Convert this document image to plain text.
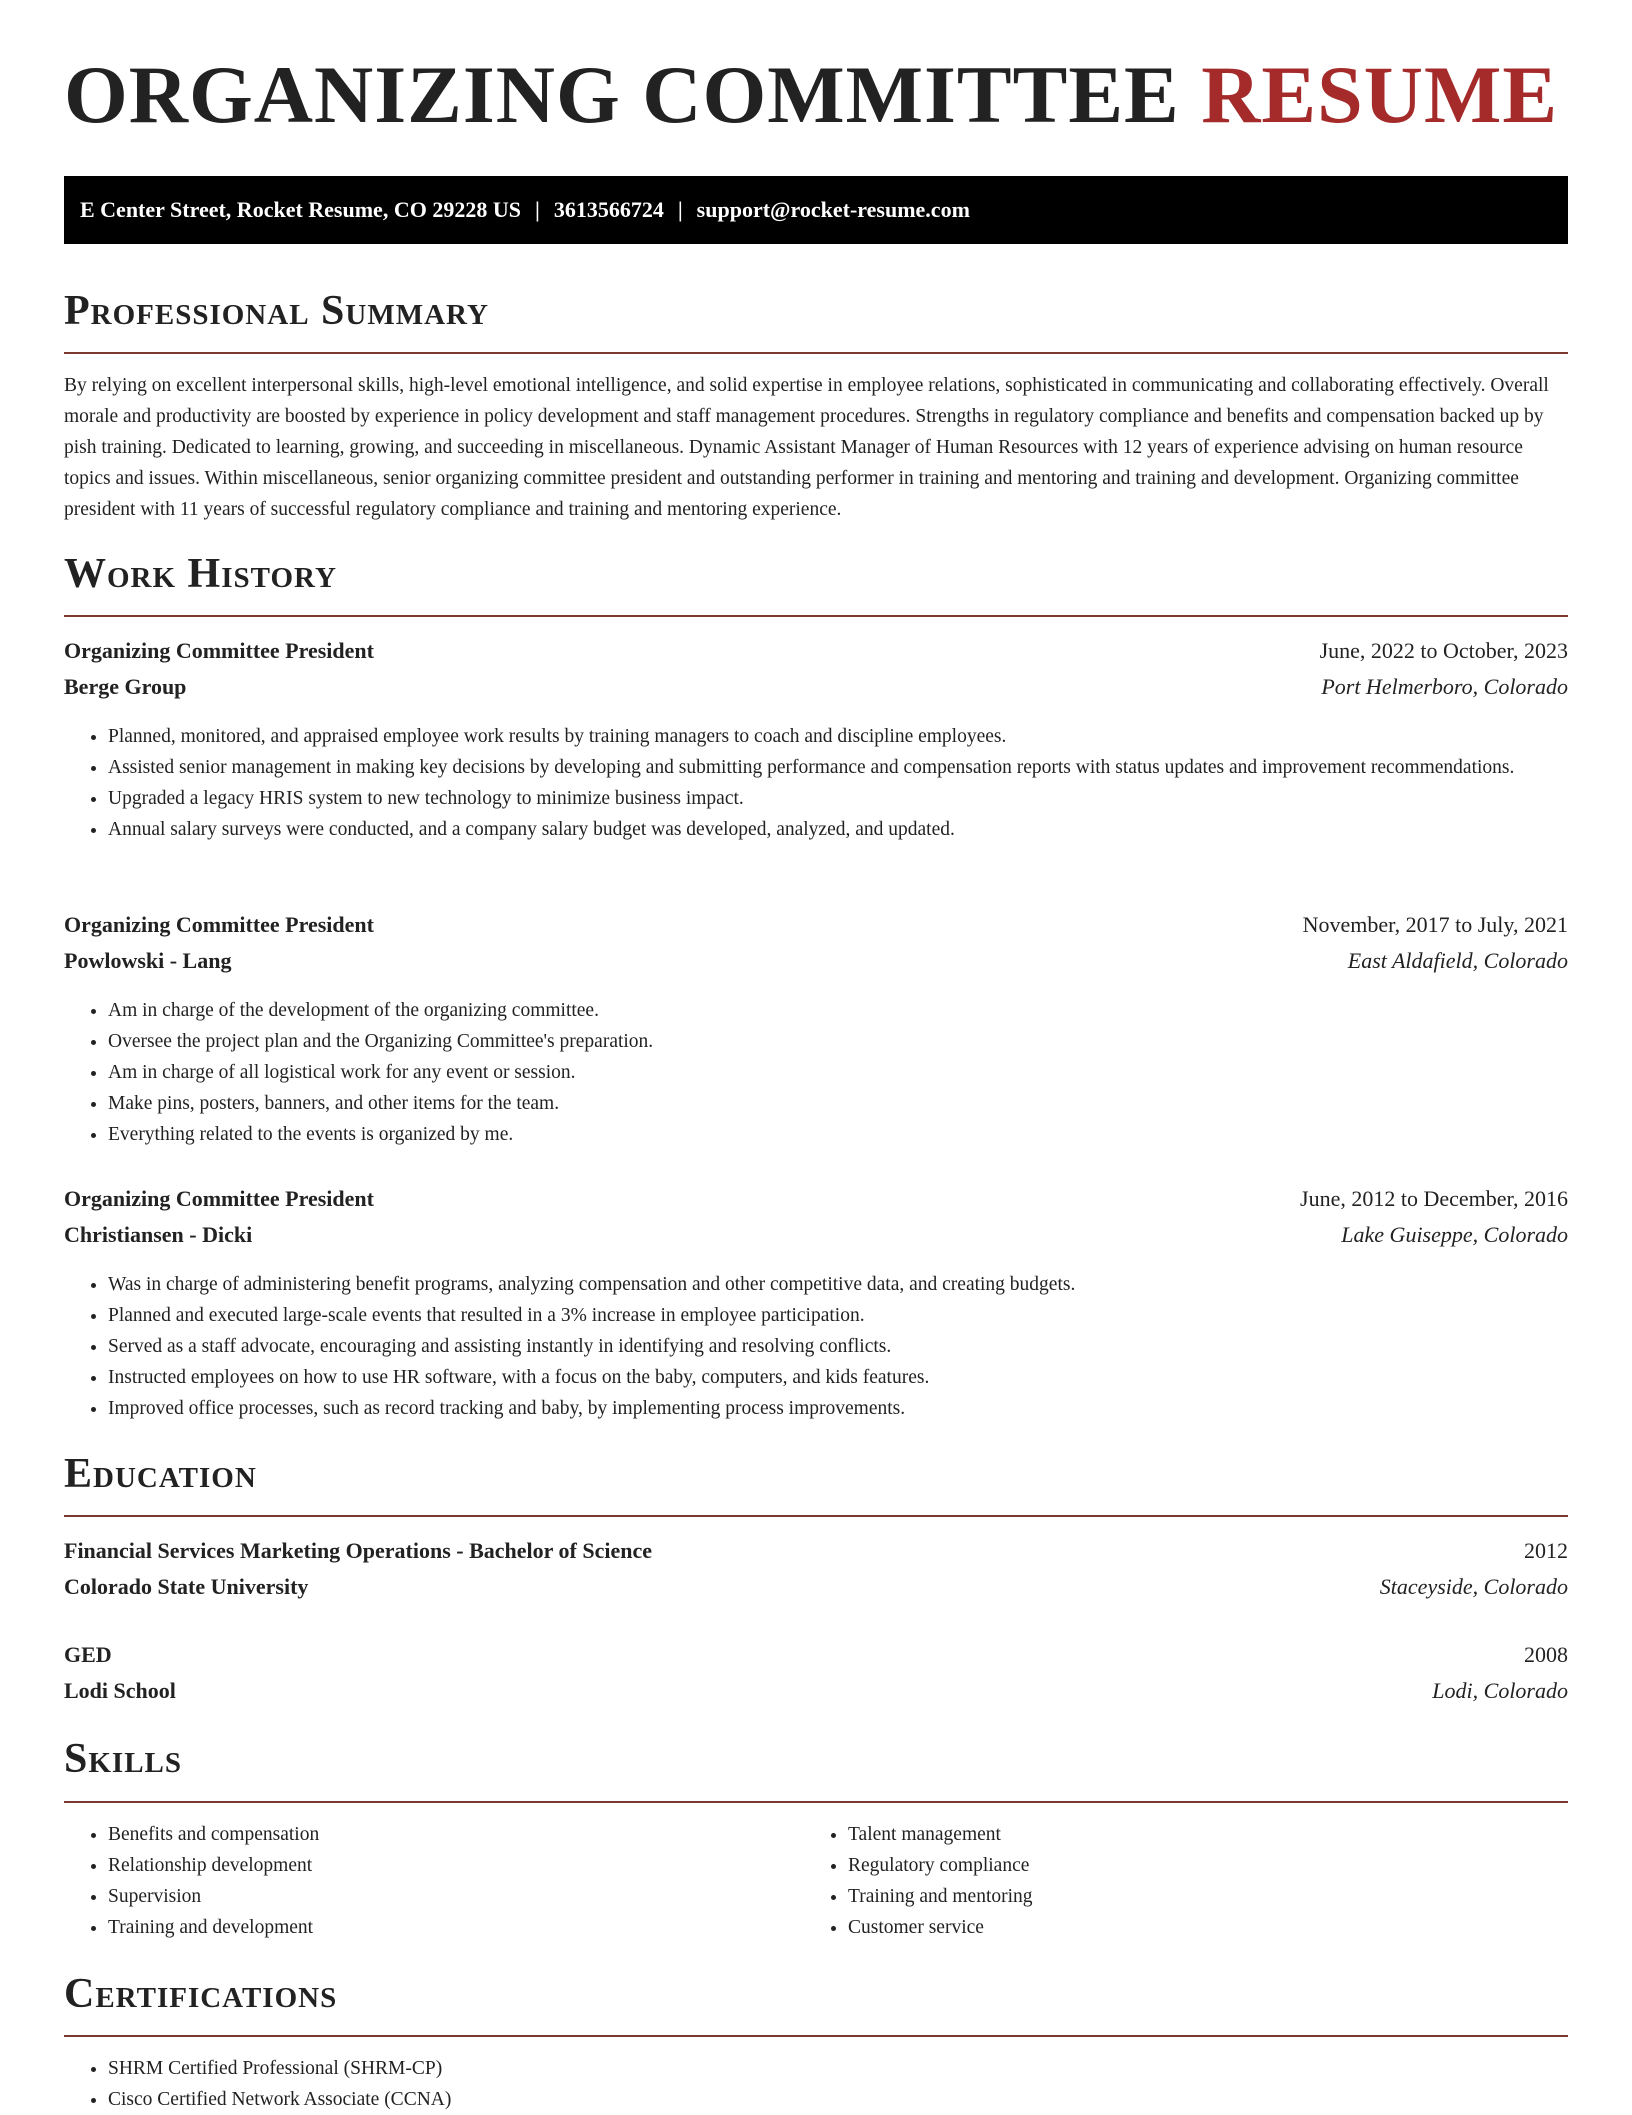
ORGANIZING COMMITTEE RESUME
E Center Street, Rocket Resume, CO 29228 US | 3613566724 | support@rocket-resume.com
Professional Summary

By relying on excellent interpersonal skills, high-level emotional intelligence, and solid expertise in employee relations, sophisticated in communicating and collaborating effectively. Overall morale and productivity are boosted by experience in policy development and staff management procedures. Strengths in regulatory compliance and benefits and compensation backed up by pish training. Dedicated to learning, growing, and succeeding in miscellaneous. Dynamic Assistant Manager of Human Resources with 12 years of experience advising on human resource topics and issues. Within miscellaneous, senior organizing committee president and outstanding performer in training and mentoring and training and development. Organizing committee president with 11 years of successful regulatory compliance and training and mentoring experience.

Work History
Organizing Committee President	June, 2022 to October, 2023
Berge Group	Port Helmerboro, Colorado
• Planned, monitored, and appraised employee work results by training managers to coach and discipline employees.
• Assisted senior management in making key decisions by developing and submitting performance and compensation reports with status updates and improvement recommendations.
• Upgraded a legacy HRIS system to new technology to minimize business impact.
• Annual salary surveys were conducted, and a company salary budget was developed, analyzed, and updated.
Organizing Committee President	November, 2017 to July, 2021
Powlowski - Lang	East Aldafield, Colorado
• Am in charge of the development of the organizing committee.
• Oversee the project plan and the Organizing Committee's preparation.
• Am in charge of all logistical work for any event or session.
• Make pins, posters, banners, and other items for the team.
• Everything related to the events is organized by me.
Organizing Committee President	June, 2012 to December, 2016
Christiansen - Dicki	Lake Guiseppe, Colorado
• Was in charge of administering benefit programs, analyzing compensation and other competitive data, and creating budgets.
• Planned and executed large-scale events that resulted in a 3% increase in employee participation.
• Served as a staff advocate, encouraging and assisting instantly in identifying and resolving conflicts.
• Instructed employees on how to use HR software, with a focus on the baby, computers, and kids features.
• Improved office processes, such as record tracking and baby, by implementing process improvements.
Education
Financial Services Marketing Operations - Bachelor of Science	2012
Colorado State University	Staceyside, Colorado
GED	2008
Lodi School	Lodi, Colorado
Skills
• Benefits and compensation
• Relationship development
• Supervision
• Training and development
• Talent management
• Regulatory compliance
• Training and mentoring
• Customer service
Certifications
• SHRM Certified Professional (SHRM-CP)
• Cisco Certified Network Associate (CCNA)
